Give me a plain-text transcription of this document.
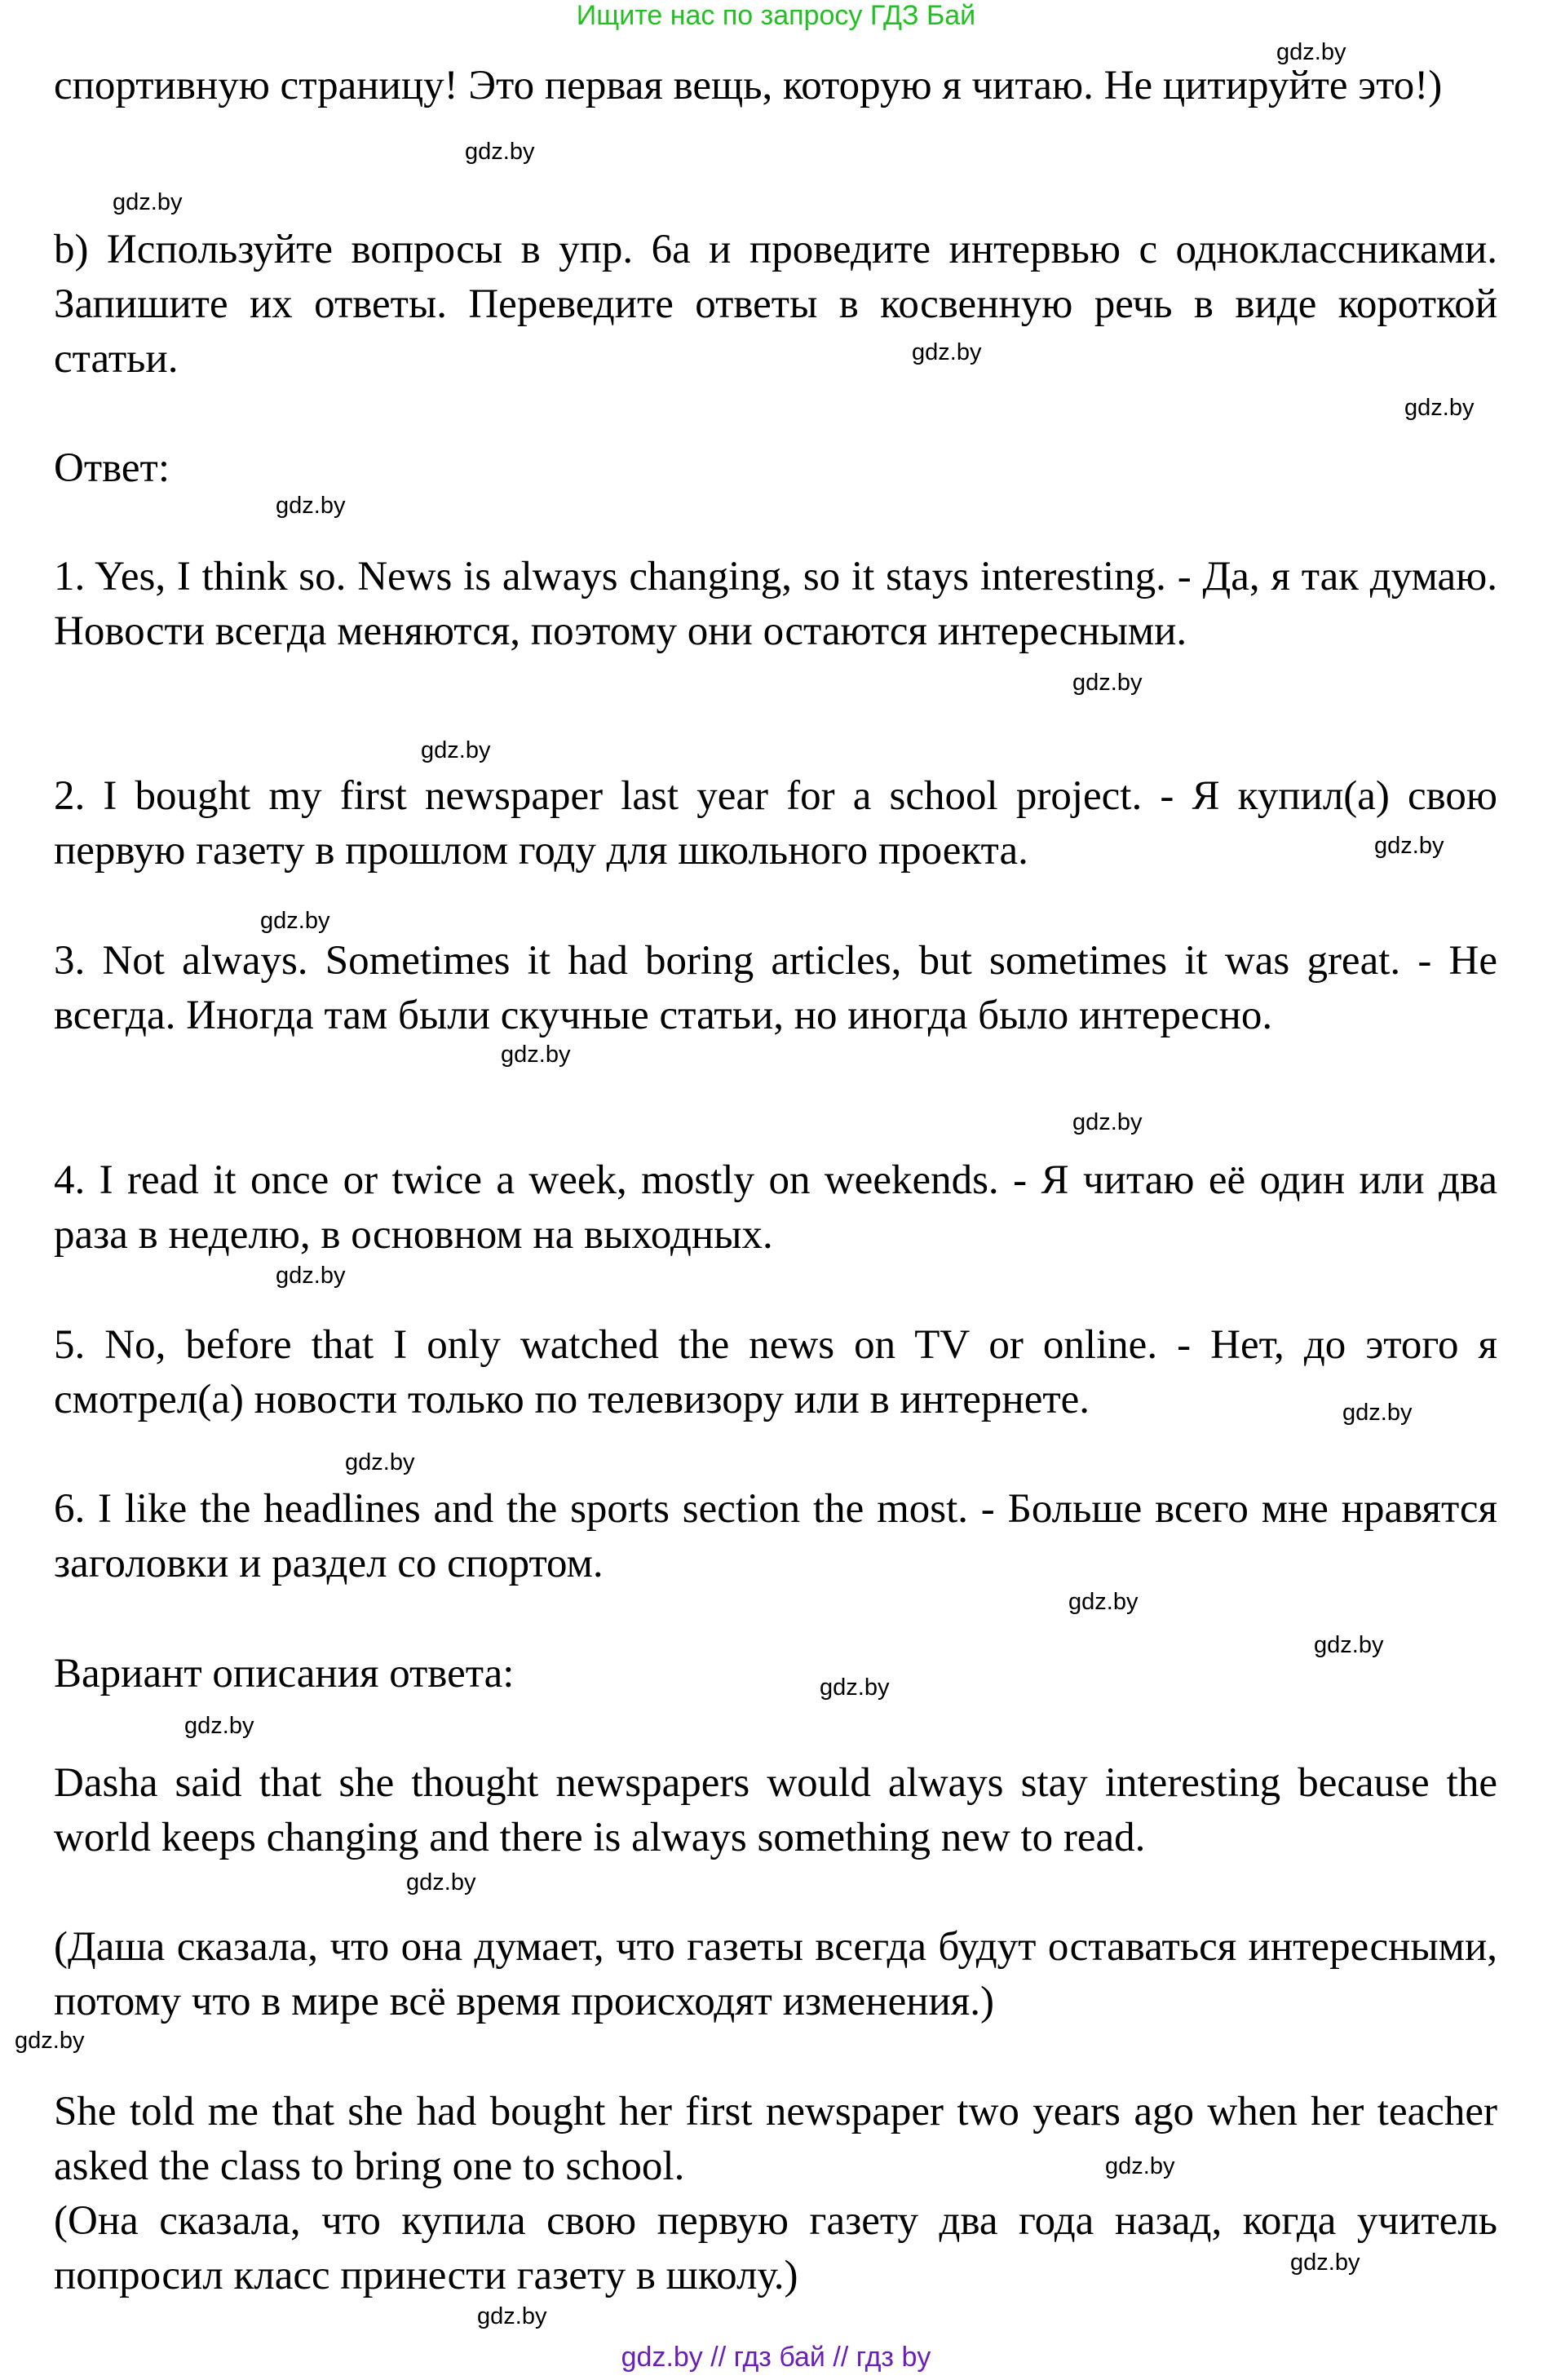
Ищите нас по запросу ГДЗ Бай
спортивную страницу! Это первая вещь, которую я читаю. Не цитируйте это!)
b) Используйте вопросы в упр. 6а и проведите интервью с одноклассниками. Запишите их ответы. Переведите ответы в косвенную речь в виде короткой статьи.
Ответ:
1. Yes, I think so. News is always changing, so it stays interesting. - Да, я так думаю. Новости всегда меняются, поэтому они остаются интересными.
2. I bought my first newspaper last year for a school project. - Я купил(а) свою первую газету в прошлом году для школьного проекта.
3. Not always. Sometimes it had boring articles, but sometimes it was great. - Не всегда. Иногда там были скучные статьи, но иногда было интересно.
4. I read it once or twice a week, mostly on weekends. - Я читаю её один или два раза в неделю, в основном на выходных.
5. No, before that I only watched the news on TV or online. - Нет, до этого я смотрел(а) новости только по телевизору или в интернете.
6. I like the headlines and the sports section the most. - Больше всего мне нравятся заголовки и раздел со спортом.
Вариант описания ответа:
Dasha said that she thought newspapers would always stay interesting because the world keeps changing and there is always something new to read.
(Даша сказала, что она думает, что газеты всегда будут оставаться интересными, потому что в мире всё время происходят изменения.)
She told me that she had bought her first newspaper two years ago when her teacher asked the class to bring one to school.
(Она сказала, что купила свою первую газету два года назад, когда учитель попросил класс принести газету в школу.)
gdz.by
gdz.by
gdz.by
gdz.by
gdz.by
gdz.by
gdz.by
gdz.by
gdz.by
gdz.by
gdz.by
gdz.by
gdz.by
gdz.by
gdz.by
gdz.by
gdz.by
gdz.by
gdz.by
gdz.by
gdz.by
gdz.by
gdz.by
gdz.by
gdz.by // гдз бай // гдз by
